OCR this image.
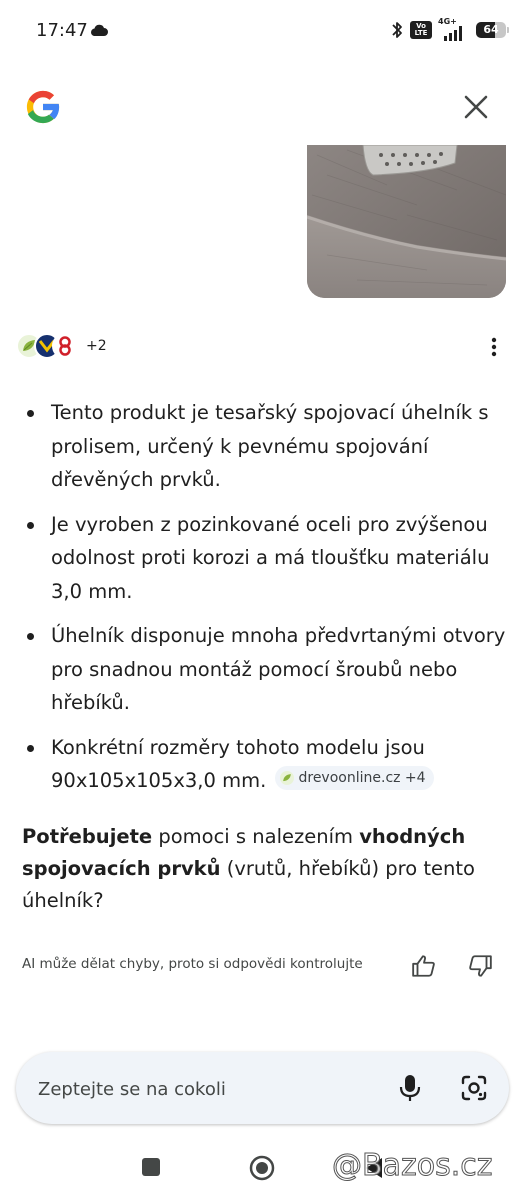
17:47	Vo LTE
4G+
64
+2
Tento produkt je tesařský spojovací úhelník s prolisem, určený k pevnému spojování dřevěných prvků.
Je vyroben z pozinkované oceli pro zvýšenou odolnost proti korozi a má tloušťku materiálu 3,0 mm.
Úhelník disponuje mnoha předvrtanými otvory pro snadnou montáž pomocí šroubů nebo hřebíků.
Konkrétní rozměry tohoto modelu jsou 90x105x105x3,0 mm. drevoonline.cz +4

Potřebujete pomoci s nalezením vhodných spojovacích prvků (vrutů, hřebíků) pro tento úhelník?

AI může dělat chyby, proto si odpovědi kontrolujte
Zeptejte se na cokoli
@Bazos.cz
